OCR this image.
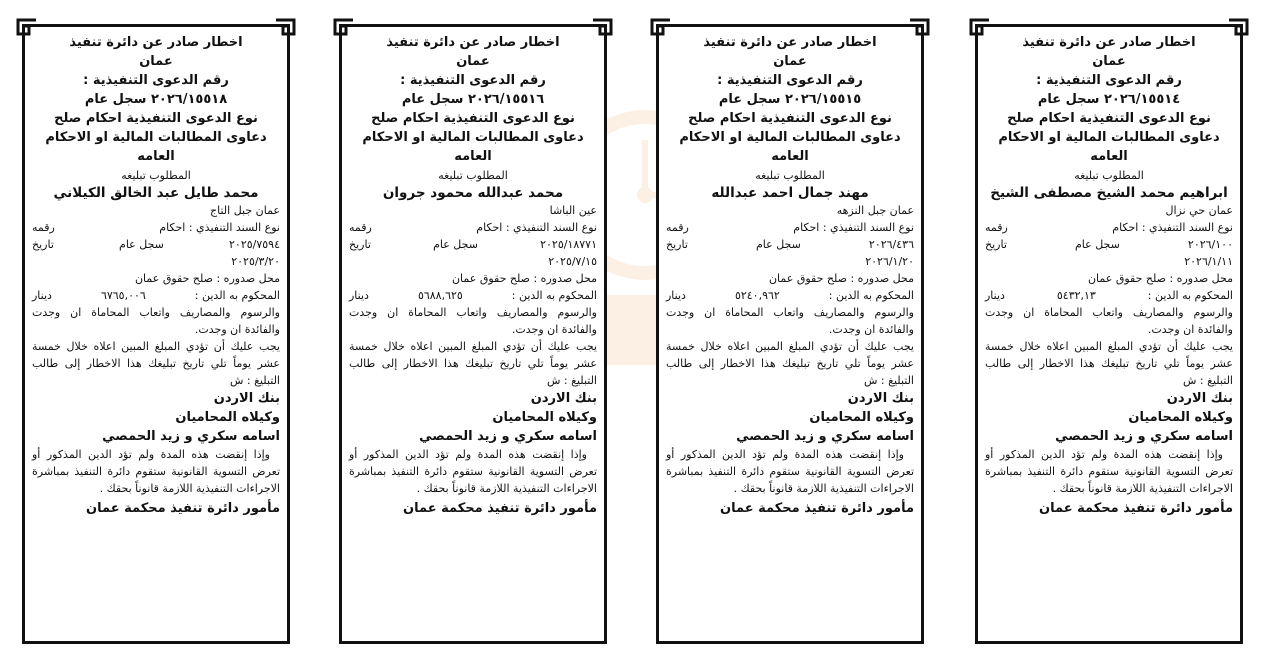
اخطار صادر عن دائرة تنفيذ
عمان
رقم الدعوى التنفيذية :
٢٠٢٦/١٥٥١٤ سجل عام
نوع الدعوى التنفيذية احكام صلح
دعاوى المطالبات المالية او الاحكام العامه
المطلوب تبليغه
ابراهيم محمد الشيخ مصطفى الشيخ
عمان حي نزال
نوع السند التنفيذي : احكام
رقمه
٢٠٢٦/١٠٠
سجل عام
تاريخ
٢٠٢٦/١/١١
محل صدوره : صلح حقوق عمان
المحكوم به الدين :
٥٤٣٢,١٣
دينار
والرسوم والمصاريف واتعاب المحاماة ان وجدت والفائدة ان وجدت.
يجب عليك أن تؤدي المبلغ المبين اعلاه خلال خمسة عشر يوماً تلي تاريخ تبليغك هذا الاخطار إلى طالب التبليغ : ش
بنك الاردن
وكيلاه المحاميان
اسامه سكري و زيد الحمصي
وإذا إنقضت هذه المدة ولم تؤد الدين المذكور أو تعرض التسوية القانونية ستقوم دائرة التنفيذ بمباشرة الاجراءات التنفيذية اللازمة قانوناً بحقك .
مأمور دائرة تنفيذ محكمة عمان
اخطار صادر عن دائرة تنفيذ
عمان
رقم الدعوى التنفيذية :
٢٠٢٦/١٥٥١٥ سجل عام
نوع الدعوى التنفيذية احكام صلح
دعاوى المطالبات المالية او الاحكام العامه
المطلوب تبليغه
مهند جمال احمد عبدالله
عمان جبل النزهه
نوع السند التنفيذي : احكام
رقمه
٢٠٢٦/٤٣٦
سجل عام
تاريخ
٢٠٢٦/١/٢٠
محل صدوره : صلح حقوق عمان
المحكوم به الدين :
٥٢٤٠,٩٦٢
دينار
والرسوم والمصاريف واتعاب المحاماة ان وجدت والفائدة ان وجدت.
يجب عليك أن تؤدي المبلغ المبين اعلاه خلال خمسة عشر يوماً تلي تاريخ تبليغك هذا الاخطار إلى طالب التبليغ : ش
بنك الاردن
وكيلاه المحاميان
اسامه سكري و زيد الحمصي
وإذا إنقضت هذه المدة ولم تؤد الدين المذكور أو تعرض التسوية القانونية ستقوم دائرة التنفيذ بمباشرة الاجراءات التنفيذية اللازمة قانوناً بحقك .
مأمور دائرة تنفيذ محكمة عمان
اخطار صادر عن دائرة تنفيذ
عمان
رقم الدعوى التنفيذية :
٢٠٢٦/١٥٥١٦ سجل عام
نوع الدعوى التنفيذية احكام صلح
دعاوى المطالبات المالية او الاحكام العامه
المطلوب تبليغه
محمد عبدالله محمود جروان
عين الباشا
نوع السند التنفيذي : احكام
رقمه
٢٠٢٥/١٨٧٧١
سجل عام
تاريخ
٢٠٢٥/٧/١٥
محل صدوره : صلح حقوق عمان
المحكوم به الدين :
٥٦٨٨,٦٢٥
دينار
والرسوم والمصاريف واتعاب المحاماة ان وجدت والفائدة ان وجدت.
يجب عليك أن تؤدي المبلغ المبين اعلاه خلال خمسة عشر يوماً تلي تاريخ تبليغك هذا الاخطار إلى طالب التبليغ : ش
بنك الاردن
وكيلاه المحاميان
اسامه سكري و زيد الحمصي
وإذا إنقضت هذه المدة ولم تؤد الدين المذكور أو تعرض التسوية القانونية ستقوم دائرة التنفيذ بمباشرة الاجراءات التنفيذية اللازمة قانوناً بحقك .
مأمور دائرة تنفيذ محكمة عمان
اخطار صادر عن دائرة تنفيذ
عمان
رقم الدعوى التنفيذية :
٢٠٢٦/١٥٥١٨ سجل عام
نوع الدعوى التنفيذية احكام صلح
دعاوى المطالبات المالية او الاحكام العامه
المطلوب تبليغه
محمد طايل عبد الخالق الكيلاني
عمان جبل التاج
نوع السند التنفيذي : احكام
رقمه
٢٠٢٥/٧٥٩٤
سجل عام
تاريخ
٢٠٢٥/٣/٢٠
محل صدوره : صلح حقوق عمان
المحكوم به الدين :
٦٧٦٥,٠٠٦
دينار
والرسوم والمصاريف واتعاب المحاماة ان وجدت والفائدة ان وجدت.
يجب عليك أن تؤدي المبلغ المبين اعلاه خلال خمسة عشر يوماً تلي تاريخ تبليغك هذا الاخطار إلى طالب التبليغ : ش
بنك الاردن
وكيلاه المحاميان
اسامه سكري و زيد الحمصي
وإذا إنقضت هذه المدة ولم تؤد الدين المذكور أو تعرض التسوية القانونية ستقوم دائرة التنفيذ بمباشرة الاجراءات التنفيذية اللازمة قانوناً بحقك .
مأمور دائرة تنفيذ محكمة عمان
